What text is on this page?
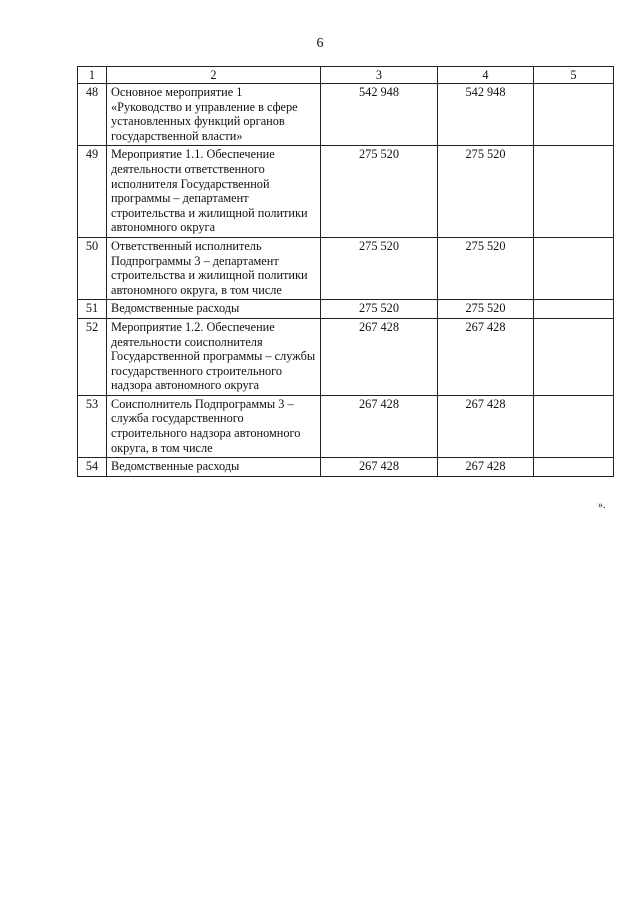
6
1	2	3	4	5
48	Основное мероприятие 1 «Руководство и управление в сфере установленных функций органов государственной власти»	542 948	542 948	
49	Мероприятие 1.1. Обеспечение деятельности ответственного исполнителя Государственной программы – департамент строительства и жилищной политики автономного округа	275 520	275 520	
50	Ответственный исполнитель Подпрограммы 3 – департамент строительства и жилищной политики автономного округа, в том числе	275 520	275 520	
51	Ведомственные расходы	275 520	275 520	
52	Мероприятие 1.2. Обеспечение деятельности соисполнителя Государственной программы – службы государственного строительного надзора автономного округа	267 428	267 428	
53	Соисполнитель Подпрограммы 3 – служба государственного строительного надзора автономного округа, в том числе	267 428	267 428	
54	Ведомственные расходы	267 428	267 428	
».
